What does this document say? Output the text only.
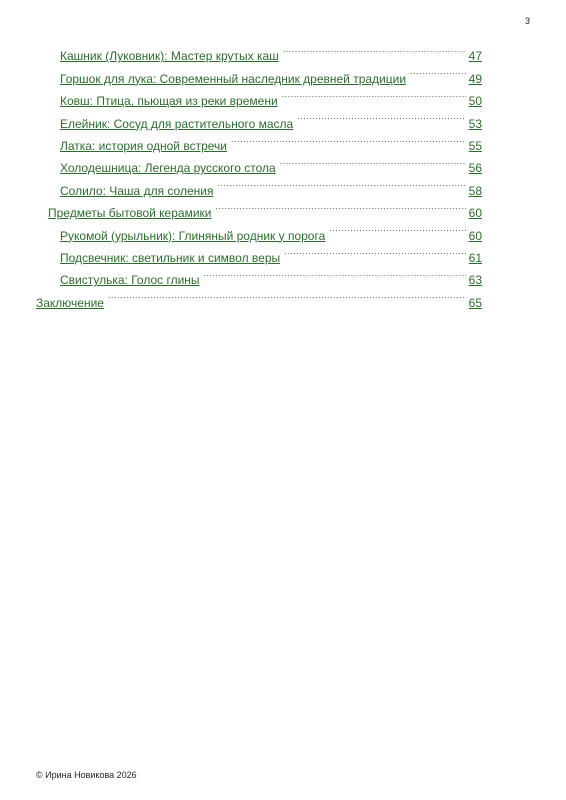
3
Кашник (Луковник): Мастер крутых каш .....	47
Горшок для лука: Современный наследник древней традиции .....	49
Ковш: Птица, пьющая из реки времени .....	50
Елейник: Сосуд для растительного масла .....	53
Латка: история одной встречи .....	55
Холодешница: Легенда русского стола .....	56
Солило: Чаша для соления .....	58
Предметы бытовой керамики .....	60
Рукомой (урыльник): Глиняный родник у порога .....	60
Подсвечник: светильник и символ веры .....	61
Свистулька: Голос глины .....	63
Заключение .....	65
© Ирина Новикова 2026
